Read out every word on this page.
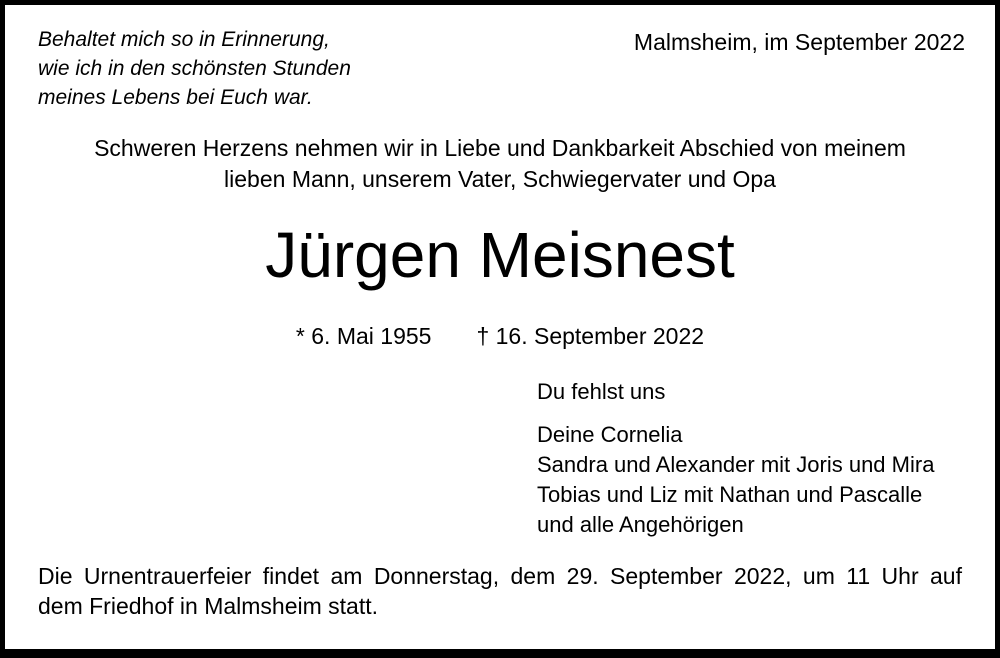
Behaltet mich so in Erinnerung,
wie ich in den schönsten Stunden
meines Lebens bei Euch war.
Malmsheim, im September 2022
Schweren Herzens nehmen wir in Liebe und Dankbarkeit Abschied von meinem
lieben Mann, unserem Vater, Schwiegervater und Opa
Jürgen Meisnest
* 6. Mai 1955 † 16. September 2022
Du fehlst uns
Deine Cornelia
Sandra und Alexander mit Joris und Mira
Tobias und Liz mit Nathan und Pascalle
und alle Angehörigen
Die Urnentrauerfeier findet am Donnerstag, dem 29. September 2022, um 11 Uhr auf
dem Friedhof in Malmsheim statt.
